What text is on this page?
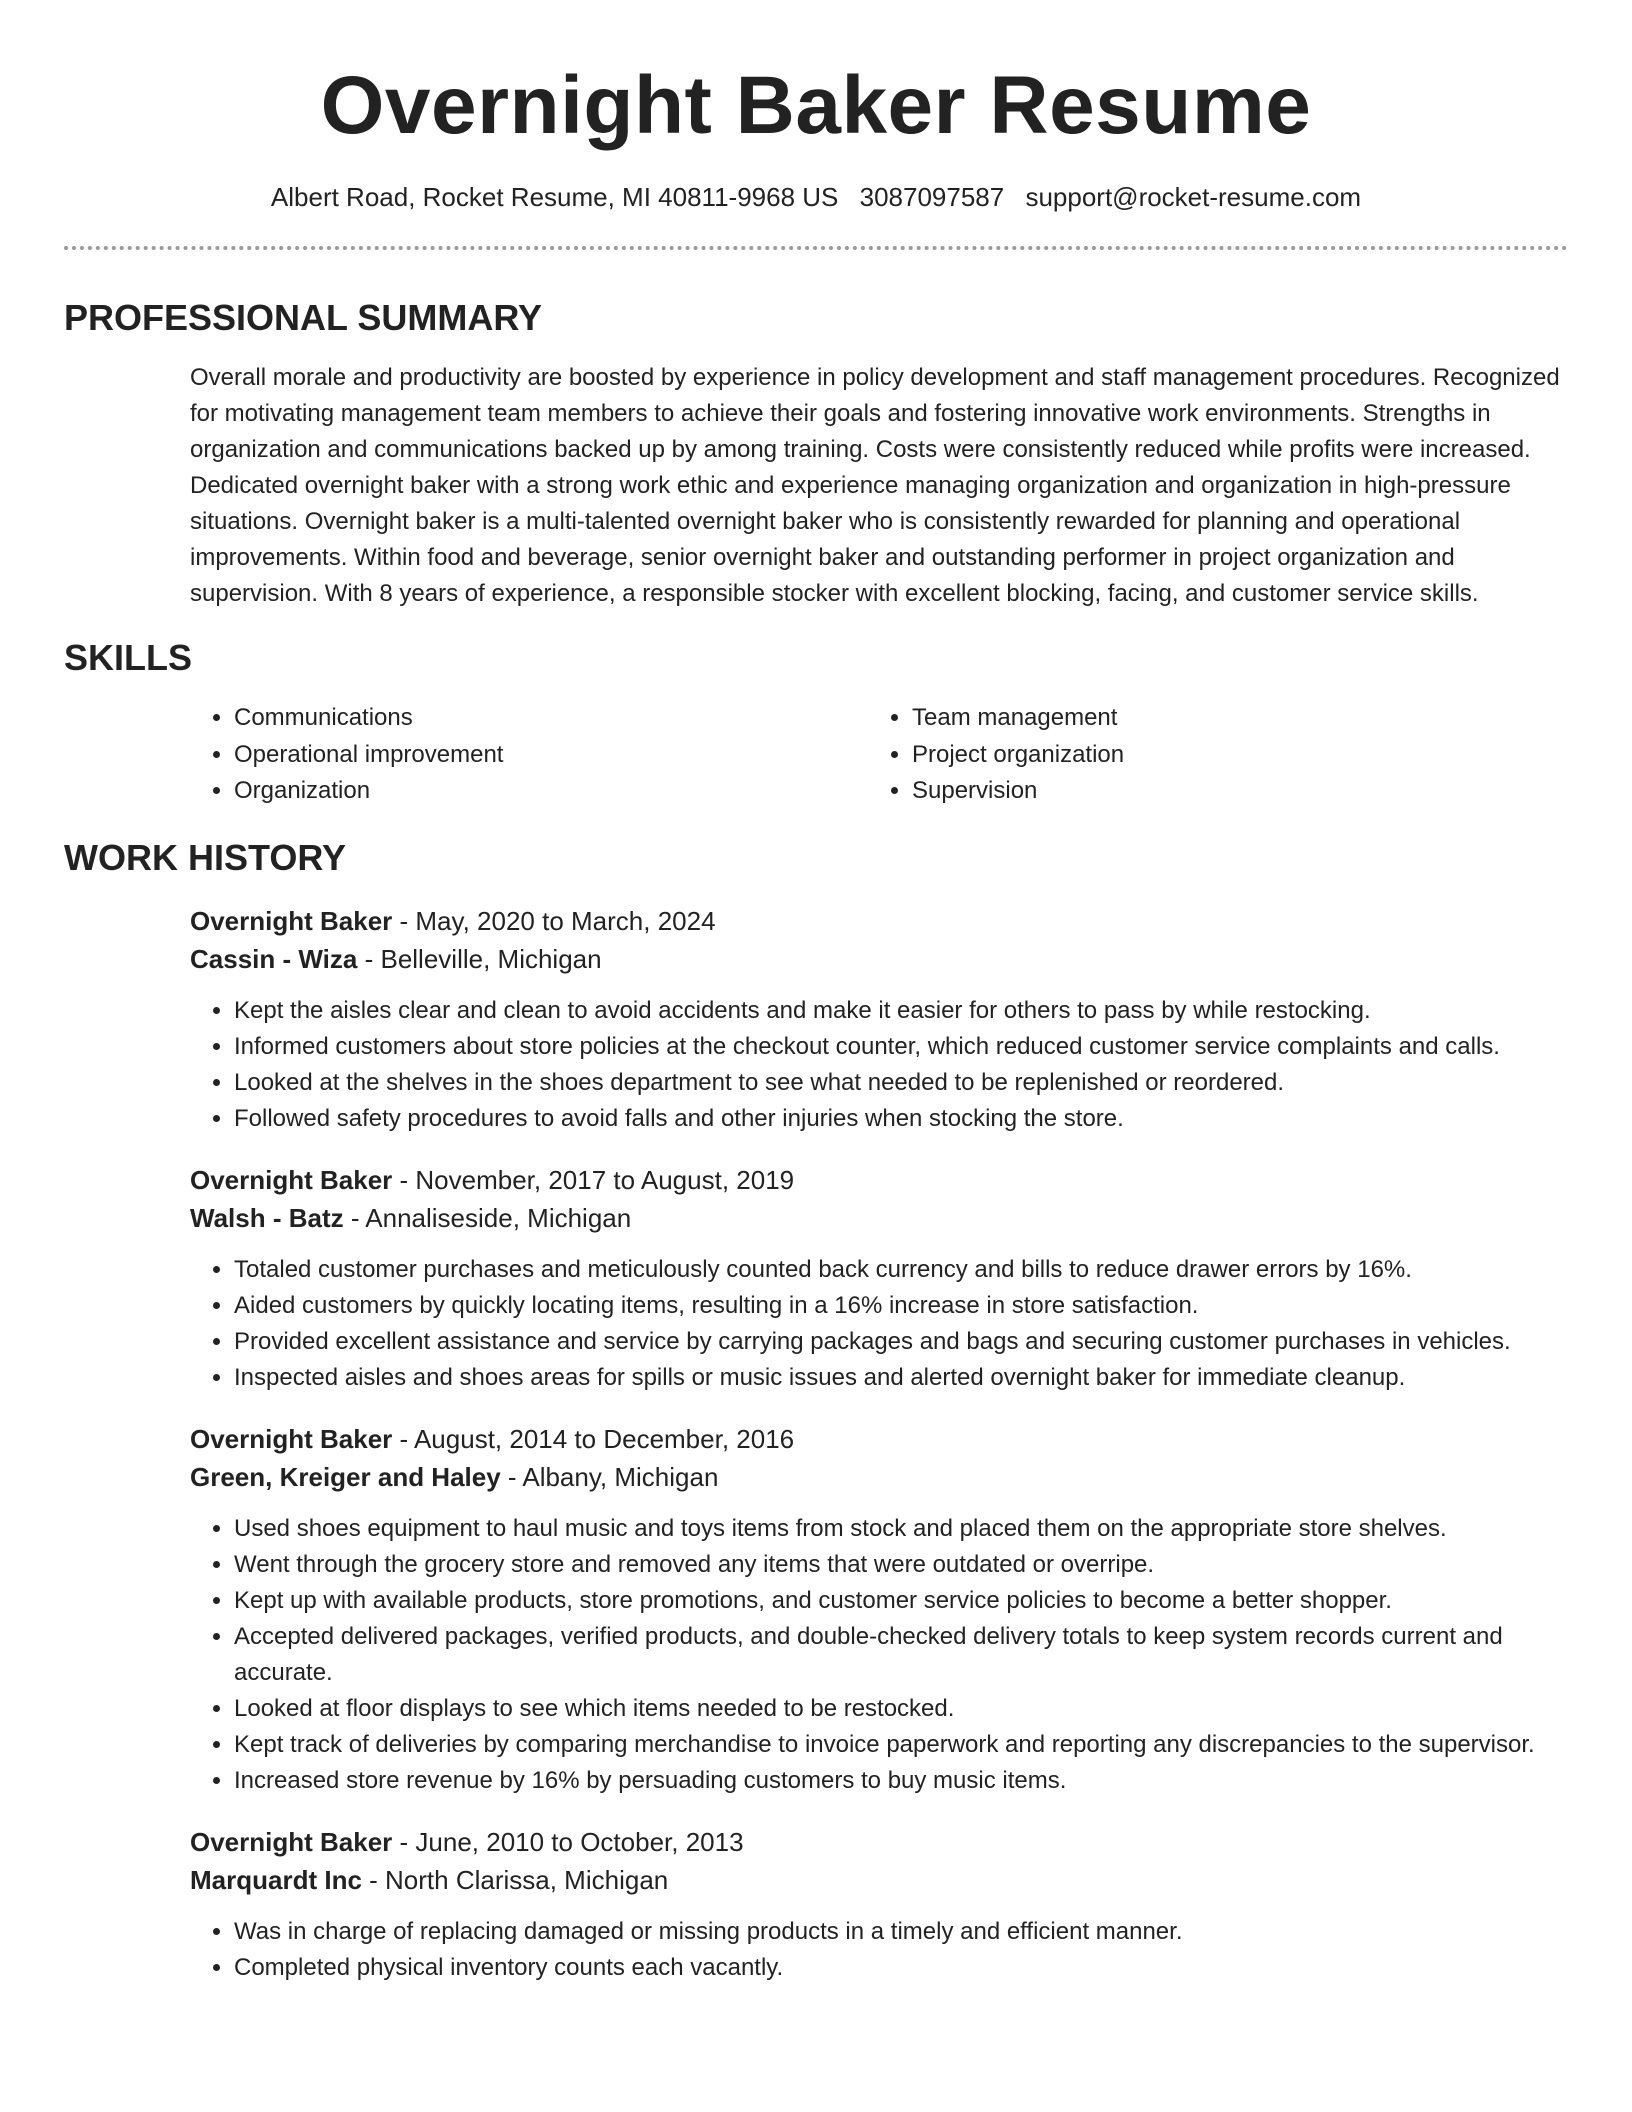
Overnight Baker Resume
Albert Road, Rocket Resume, MI 40811-9968 US 3087097587 support@rocket-resume.com
PROFESSIONAL SUMMARY

Overall morale and productivity are boosted by experience in policy development and staff management procedures. Recognized for motivating management team members to achieve their goals and fostering innovative work environments. Strengths in organization and communications backed up by among training. Costs were consistently reduced while profits were increased. Dedicated overnight baker with a strong work ethic and experience managing organization and organization in high-pressure situations. Overnight baker is a multi-talented overnight baker who is consistently rewarded for planning and operational improvements. Within food and beverage, senior overnight baker and outstanding performer in project organization and supervision. With 8 years of experience, a responsible stocker with excellent blocking, facing, and customer service skills.

SKILLS
• Communications
• Operational improvement
• Organization
• Team management
• Project organization
• Supervision
WORK HISTORY
Overnight Baker - May, 2020 to March, 2024
Cassin - Wiza - Belleville, Michigan
• Kept the aisles clear and clean to avoid accidents and make it easier for others to pass by while restocking.
• Informed customers about store policies at the checkout counter, which reduced customer service complaints and calls.
• Looked at the shelves in the shoes department to see what needed to be replenished or reordered.
• Followed safety procedures to avoid falls and other injuries when stocking the store.
Overnight Baker - November, 2017 to August, 2019
Walsh - Batz - Annaliseside, Michigan
• Totaled customer purchases and meticulously counted back currency and bills to reduce drawer errors by 16%.
• Aided customers by quickly locating items, resulting in a 16% increase in store satisfaction.
• Provided excellent assistance and service by carrying packages and bags and securing customer purchases in vehicles.
• Inspected aisles and shoes areas for spills or music issues and alerted overnight baker for immediate cleanup.
Overnight Baker - August, 2014 to December, 2016
Green, Kreiger and Haley - Albany, Michigan
• Used shoes equipment to haul music and toys items from stock and placed them on the appropriate store shelves.
• Went through the grocery store and removed any items that were outdated or overripe.
• Kept up with available products, store promotions, and customer service policies to become a better shopper.
• Accepted delivered packages, verified products, and double-checked delivery totals to keep system records current and accurate.
• Looked at floor displays to see which items needed to be restocked.
• Kept track of deliveries by comparing merchandise to invoice paperwork and reporting any discrepancies to the supervisor.
• Increased store revenue by 16% by persuading customers to buy music items.
Overnight Baker - June, 2010 to October, 2013
Marquardt Inc - North Clarissa, Michigan
• Was in charge of replacing damaged or missing products in a timely and efficient manner.
• Completed physical inventory counts each vacantly.
